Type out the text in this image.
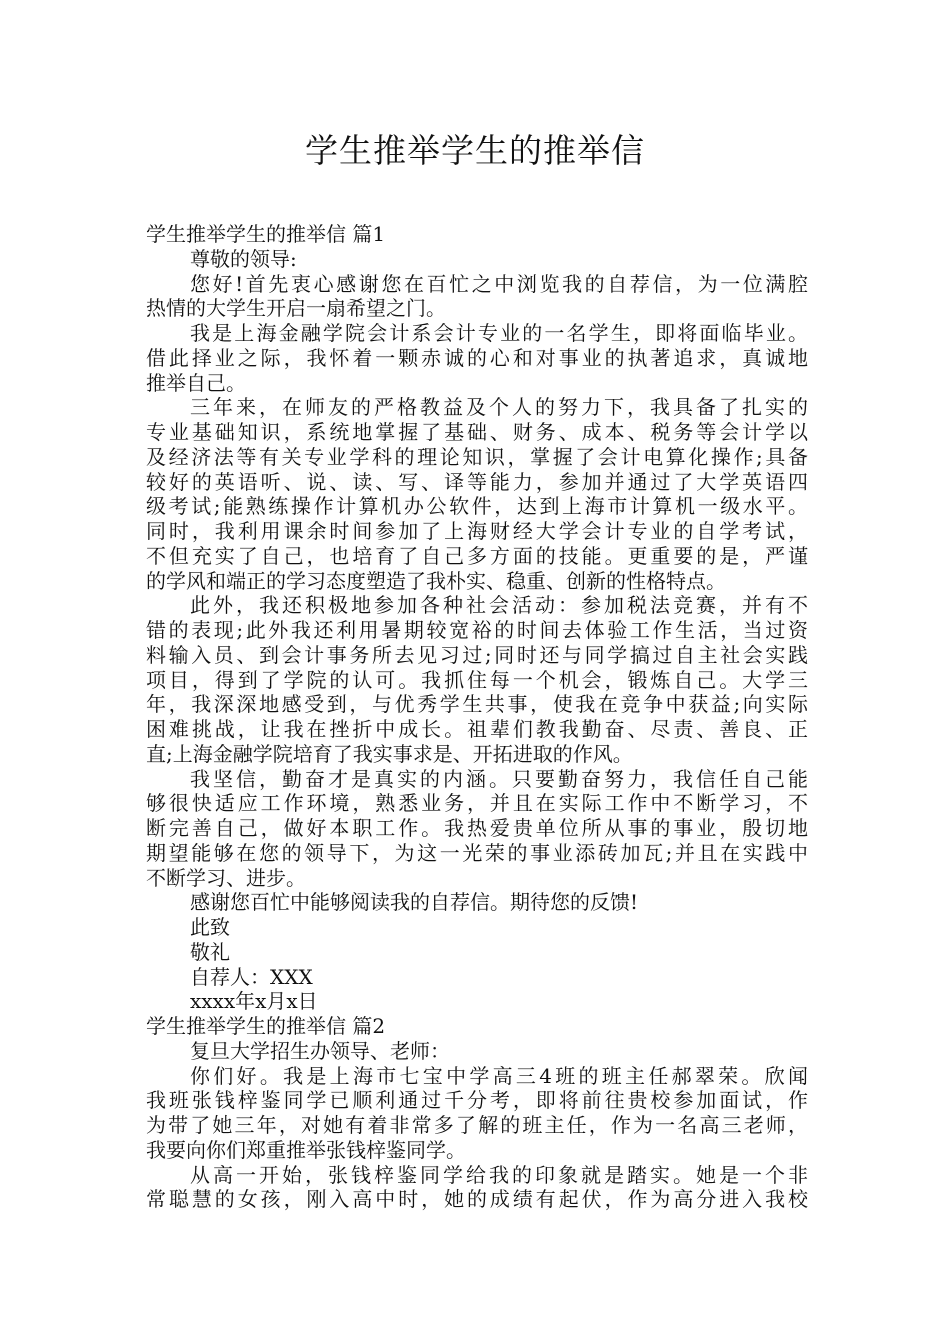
学生推举学生的推举信
学生推举学生的推举信 篇1
尊敬的领导:
您好!首先衷心感谢您在百忙之中浏览我的自荐信，为一位满腔
热情的大学生开启一扇希望之门。
我是上海金融学院会计系会计专业的一名学生，即将面临毕业。
借此择业之际，我怀着一颗赤诚的心和对事业的执著追求，真诚地
推举自己。
三年来，在师友的严格教益及个人的努力下，我具备了扎实的
专业基础知识，系统地掌握了基础、财务、成本、税务等会计学以
及经济法等有关专业学科的理论知识，掌握了会计电算化操作;具备
较好的英语听、说、读、写、译等能力，参加并通过了大学英语四
级考试;能熟练操作计算机办公软件，达到上海市计算机一级水平。
同时，我利用课余时间参加了上海财经大学会计专业的自学考试，
不但充实了自己，也培育了自己多方面的技能。更重要的是，严谨
的学风和端正的学习态度塑造了我朴实、稳重、创新的性格特点。
此外，我还积极地参加各种社会活动：参加税法竞赛，并有不
错的表现;此外我还利用暑期较宽裕的时间去体验工作生活，当过资
料输入员、到会计事务所去见习过;同时还与同学搞过自主社会实践
项目，得到了学院的认可。我抓住每一个机会，锻炼自己。大学三
年，我深深地感受到，与优秀学生共事，使我在竞争中获益;向实际
困难挑战，让我在挫折中成长。祖辈们教我勤奋、尽责、善良、正
直;上海金融学院培育了我实事求是、开拓进取的作风。
我坚信，勤奋才是真实的内涵。只要勤奋努力，我信任自己能
够很快适应工作环境，熟悉业务，并且在实际工作中不断学习，不
断完善自己，做好本职工作。我热爱贵单位所从事的事业，殷切地
期望能够在您的领导下，为这一光荣的事业添砖加瓦;并且在实践中
不断学习、进步。
感谢您百忙中能够阅读我的自荐信。期待您的反馈!
此致
敬礼
自荐人：XXX
xxxx年x月x日
学生推举学生的推举信 篇2
复旦大学招生办领导、老师：
你们好。我是上海市七宝中学高三4班的班主任郝翠荣。欣闻
我班张钱梓鉴同学已顺利通过千分考，即将前往贵校参加面试，作
为带了她三年，对她有着非常多了解的班主任，作为一名高三老师，
我要向你们郑重推举张钱梓鉴同学。
从高一开始，张钱梓鉴同学给我的印象就是踏实。她是一个非
常聪慧的女孩，刚入高中时，她的成绩有起伏，作为高分进入我校
